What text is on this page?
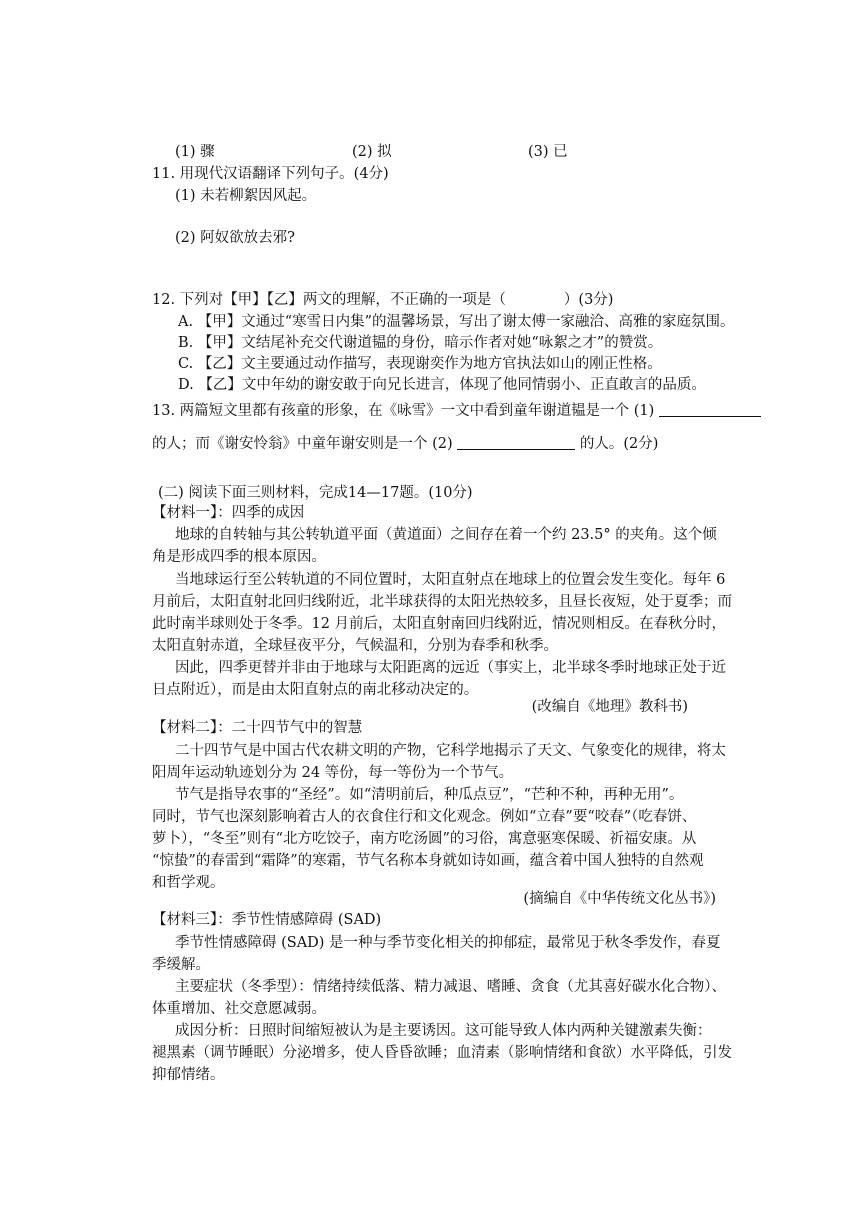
(1) 骤	(2) 拟	(3) 已
11. 用现代汉语翻译下列句子。(4分)
(1) 未若柳絮因风起。
(2) 阿奴欲放去邪?
12. 下列对【甲】【乙】两文的理解，不正确的一项是（　　　　）(3分)
A. 【甲】文通过“寒雪日内集”的温馨场景，写出了谢太傅一家融洽、高雅的家庭氛围。
B. 【甲】文结尾补充交代谢道韫的身份，暗示作者对她“咏絮之才”的赞赏。
C. 【乙】文主要通过动作描写，表现谢奕作为地方官执法如山的刚正性格。
D. 【乙】文中年幼的谢安敢于向兄长进言，体现了他同情弱小、正直敢言的品质。
13. 两篇短文里都有孩童的形象，在《咏雪》一文中看到童年谢道韫是一个 (1)
的人；而《谢安怜翁》中童年谢安则是一个 (2)	的人。(2分)
(二) 阅读下面三则材料，完成14—17题。(10分)
【材料一】：四季的成因
地球的自转轴与其公转轨道平面（黄道面）之间存在着一个约 23.5° 的夹角。这个倾
角是形成四季的根本原因。
当地球运行至公转轨道的不同位置时，太阳直射点在地球上的位置会发生变化。每年 6
月前后，太阳直射北回归线附近，北半球获得的太阳光热较多，且昼长夜短，处于夏季；而
此时南半球则处于冬季。12 月前后，太阳直射南回归线附近，情况则相反。在春秋分时，
太阳直射赤道，全球昼夜平分，气候温和，分别为春季和秋季。
因此，四季更替并非由于地球与太阳距离的远近（事实上，北半球冬季时地球正处于近
日点附近），而是由太阳直射点的南北移动决定的。
(改编自《地理》教科书)
【材料二】：二十四节气中的智慧
二十四节气是中国古代农耕文明的产物，它科学地揭示了天文、气象变化的规律，将太
阳周年运动轨迹划分为 24 等份，每一等份为一个节气。
节气是指导农事的“圣经”。如“清明前后，种瓜点豆”，“芒种不种，再种无用”。
同时，节气也深刻影响着古人的衣食住行和文化观念。例如“立春”要“咬春”（吃春饼、
萝卜），“冬至”则有“北方吃饺子，南方吃汤圆”的习俗，寓意驱寒保暖、祈福安康。从
“惊蛰”的春雷到“霜降”的寒霜，节气名称本身就如诗如画，蕴含着中国人独特的自然观
和哲学观。
(摘编自《中华传统文化丛书》)
【材料三】：季节性情感障碍 (SAD)
季节性情感障碍 (SAD) 是一种与季节变化相关的抑郁症，最常见于秋冬季发作，春夏
季缓解。
主要症状（冬季型）：情绪持续低落、精力减退、嗜睡、贪食（尤其喜好碳水化合物）、
体重增加、社交意愿减弱。
成因分析：日照时间缩短被认为是主要诱因。这可能导致人体内两种关键激素失衡：
褪黑素（调节睡眠）分泌增多，使人昏昏欲睡；血清素（影响情绪和食欲）水平降低，引发
抑郁情绪。
